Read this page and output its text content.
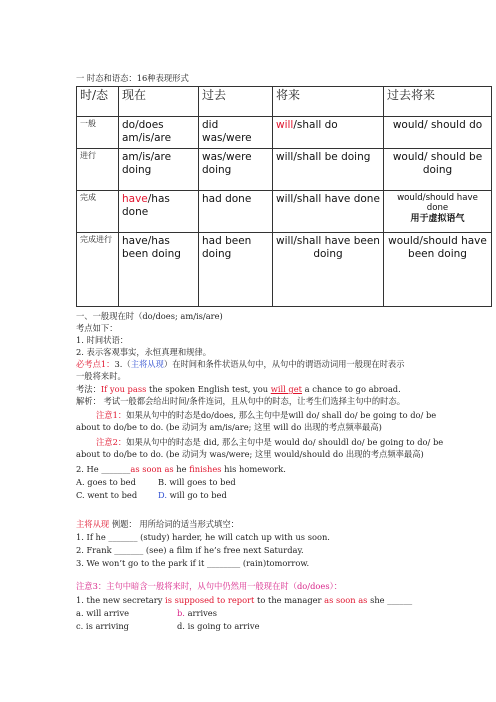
一 时态和语态：16种表现形式
时/态	现在	过去	将来	过去将来
一般	do/does am/is/are	did was/were	will/shall do	would/ should do
进行	am/is/are doing	was/were doing	will/shall be doing	would/ should be doing
完成	have/has done	had done	will/shall have done	would/should have done
用于虚拟语气

完成进行	have/has been doing	had been doing	will/shall have been doing	would/should have been doing
一、一般现在时（do/does; am/is/are)
考点如下：
1. 时间状语：
2. 表示客观事实，永恒真理和规律。
必考点1：3.（主将从现）在时间和条件状语从句中，从句中的谓语动词用一般现在时表示
一般将来时。
考法：If you pass the spoken English test, you will get a chance to go abroad.
解析： 考试一般都会给出时间/条件连词，且从句中的时态，让考生们选择主句中的时态。
注意1：如果从句中的时态是do/does, 那么主句中是will do/ shall do/ be going to do/ be
about to do/be to do. (be 动词为 am/is/are; 这里 will do 出现的考点频率最高)
注意2：如果从句中的时态是 did, 那么主句中是 would do/ shouldl do/ be going to do/ be
about to do/be to do. (be 动词为 was/were; 这里 would/should do 出现的考点频率最高)
2. He _______as soon as he finishes his homework.
A. goes to bed	B. will goes to bed
C. went to bed	D. will go to bed
主将从现 例题： 用所给词的适当形式填空：
1. If he _______ (study) harder, he will catch up with us soon.
2. Frank _______ (see) a film if he’s free next Saturday.
3. We won’t go to the park if it ________ (rain)tomorrow.
注意3：主句中暗含一般将来时，从句中仍然用一般现在时（do/does）：
1. the new secretary is supposed to report to the manager as soon as she ______
a. will arrive	b. arrives
c. is arriving	d. is going to arrive
